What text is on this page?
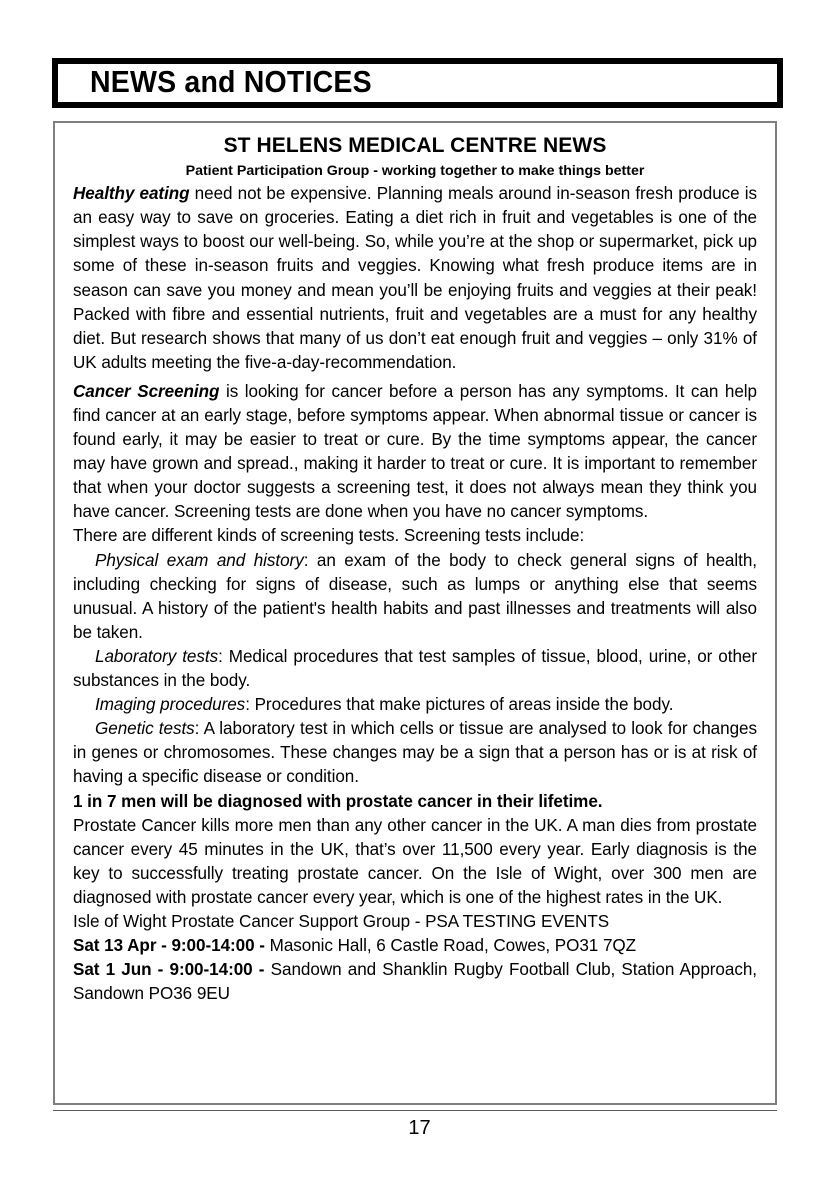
NEWS and NOTICES
ST HELENS MEDICAL CENTRE NEWS
Patient Participation Group - working together to make things better

Healthy eating need not be expensive. Planning meals around in-season fresh produce is an easy way to save on groceries. Eating a diet rich in fruit and vegetables is one of the simplest ways to boost our well-being. So, while you’re at the shop or supermarket, pick up some of these in-season fruits and veggies. Knowing what fresh produce items are in season can save you money and mean you’ll be enjoying fruits and veggies at their peak! Packed with fibre and essential nutrients, fruit and vegetables are a must for any healthy diet. But research shows that many of us don’t eat enough fruit and veggies – only 31% of UK adults meeting the five-a-day-recommendation.

Cancer Screening is looking for cancer before a person has any symptoms. It can help find cancer at an early stage, before symptoms appear. When abnormal tissue or cancer is found early, it may be easier to treat or cure. By the time symptoms appear, the cancer may have grown and spread., making it harder to treat or cure. It is important to remember that when your doctor suggests a screening test, it does not always mean they think you have cancer. Screening tests are done when you have no cancer symptoms.

There are different kinds of screening tests. Screening tests include:

Physical exam and history: an exam of the body to check general signs of health, including checking for signs of disease, such as lumps or anything else that seems unusual. A history of the patient's health habits and past illnesses and treatments will also be taken.

Laboratory tests: Medical procedures that test samples of tissue, blood, urine, or other substances in the body.

Imaging procedures: Procedures that make pictures of areas inside the body.

Genetic tests: A laboratory test in which cells or tissue are analysed to look for changes in genes or chromosomes. These changes may be a sign that a person has or is at risk of having a specific disease or condition.

1 in 7 men will be diagnosed with prostate cancer in their lifetime.

Prostate Cancer kills more men than any other cancer in the UK. A man dies from prostate cancer every 45 minutes in the UK, that’s over 11,500 every year. Early diagnosis is the key to successfully treating prostate cancer. On the Isle of Wight, over 300 men are diagnosed with prostate cancer every year, which is one of the highest rates in the UK.

Isle of Wight Prostate Cancer Support Group - PSA TESTING EVENTS

Sat 13 Apr - 9:00-14:00 - Masonic Hall, 6 Castle Road, Cowes, PO31 7QZ

Sat 1 Jun - 9:00-14:00 - Sandown and Shanklin Rugby Football Club, Station Approach, Sandown PO36 9EU

17
